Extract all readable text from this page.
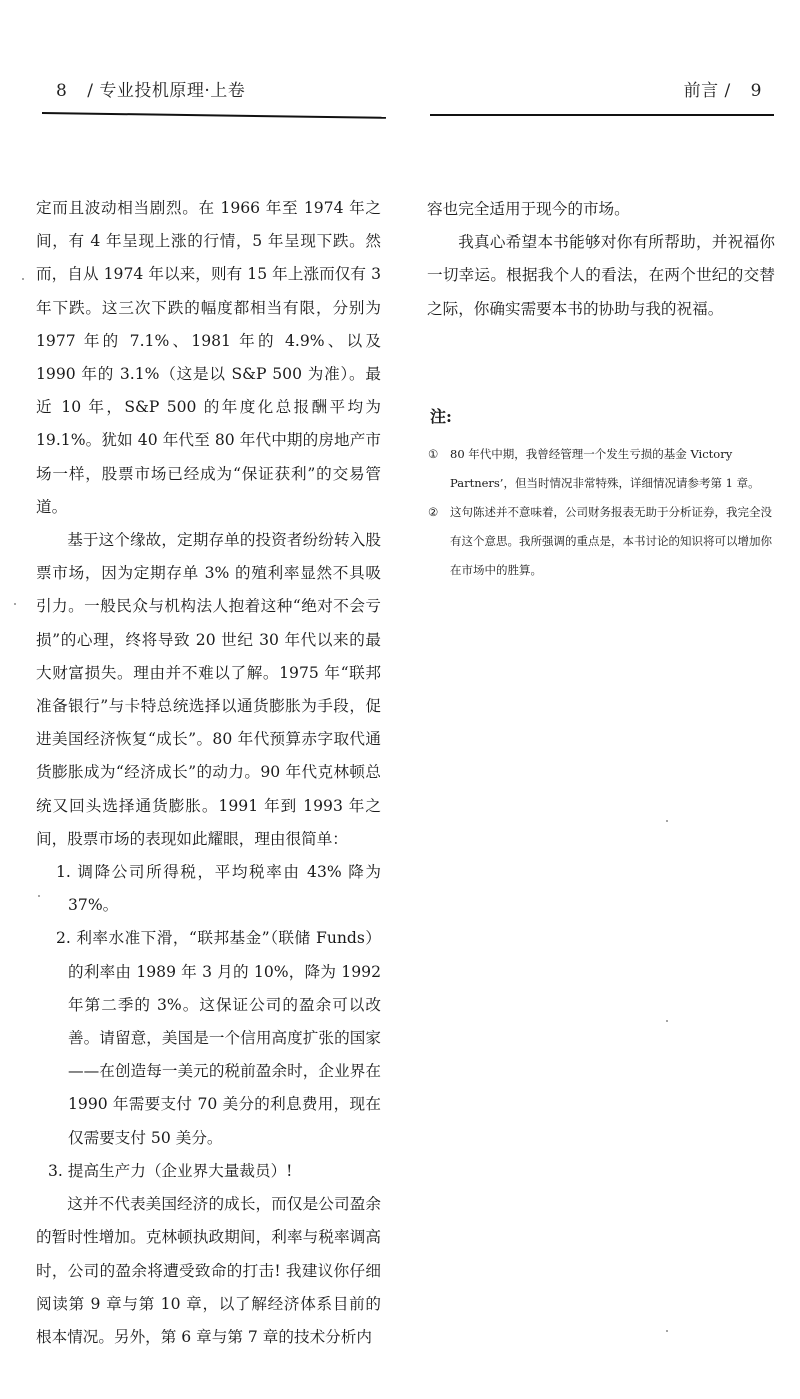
8 / 专业投机原理·上卷

定而且波动相当剧烈。在 1966 年至 1974 年之间，有 4 年呈现上涨的行情，5 年呈现下跌。然而，自从 1974 年以来，则有 15 年上涨而仅有 3 年下跌。这三次下跌的幅度都相当有限，分别为 1977 年的 7.1%、1981 年的 4.9%、以及 1990 年的 3.1%（这是以 S&P 500 为准）。最近 10 年，S&P 500 的年度化总报酬平均为 19.1%。犹如 40 年代至 80 年代中期的房地产市场一样，股票市场已经成为“保证获利”的交易管道。

基于这个缘故，定期存单的投资者纷纷转入股票市场，因为定期存单 3% 的殖利率显然不具吸引力。一般民众与机构法人抱着这种“绝对不会亏损”的心理，终将导致 20 世纪 30 年代以来的最大财富损失。理由并不难以了解。1975 年“联邦准备银行”与卡特总统选择以通货膨胀为手段，促进美国经济恢复“成长”。80 年代预算赤字取代通货膨胀成为“经济成长”的动力。90 年代克林顿总统又回头选择通货膨胀。1991 年到 1993 年之间，股票市场的表现如此耀眼，理由很简单：

1. 调降公司所得税，平均税率由 43% 降为 37%。

2. 利率水准下滑，“联邦基金”（联储 Funds）的利率由 1989 年 3 月的 10%，降为 1992 年第二季的 3%。这保证公司的盈余可以改善。请留意，美国是一个信用高度扩张的国家——在创造每一美元的税前盈余时，企业界在 1990 年需要支付 70 美分的利息费用，现在仅需要支付 50 美分。

3. 提高生产力（企业界大量裁员）!

这并不代表美国经济的成长，而仅是公司盈余的暂时性增加。克林顿执政期间，利率与税率调高时，公司的盈余将遭受致命的打击! 我建议你仔细阅读第 9 章与第 10 章，以了解经济体系目前的根本情况。另外，第 6 章与第 7 章的技术分析内

前言 / 9

容也完全适用于现今的市场。

我真心希望本书能够对你有所帮助，并祝福你一切幸运。根据我个人的看法，在两个世纪的交替之际，你确实需要本书的协助与我的祝福。

注:
① 80 年代中期，我曾经管理一个发生亏损的基金 Victory Partners’，但当时情况非常特殊，详细情况请参考第 1 章。
② 这句陈述并不意味着，公司财务报表无助于分析证券，我完全没有这个意思。我所强调的重点是，本书讨论的知识将可以增加你在市场中的胜算。
